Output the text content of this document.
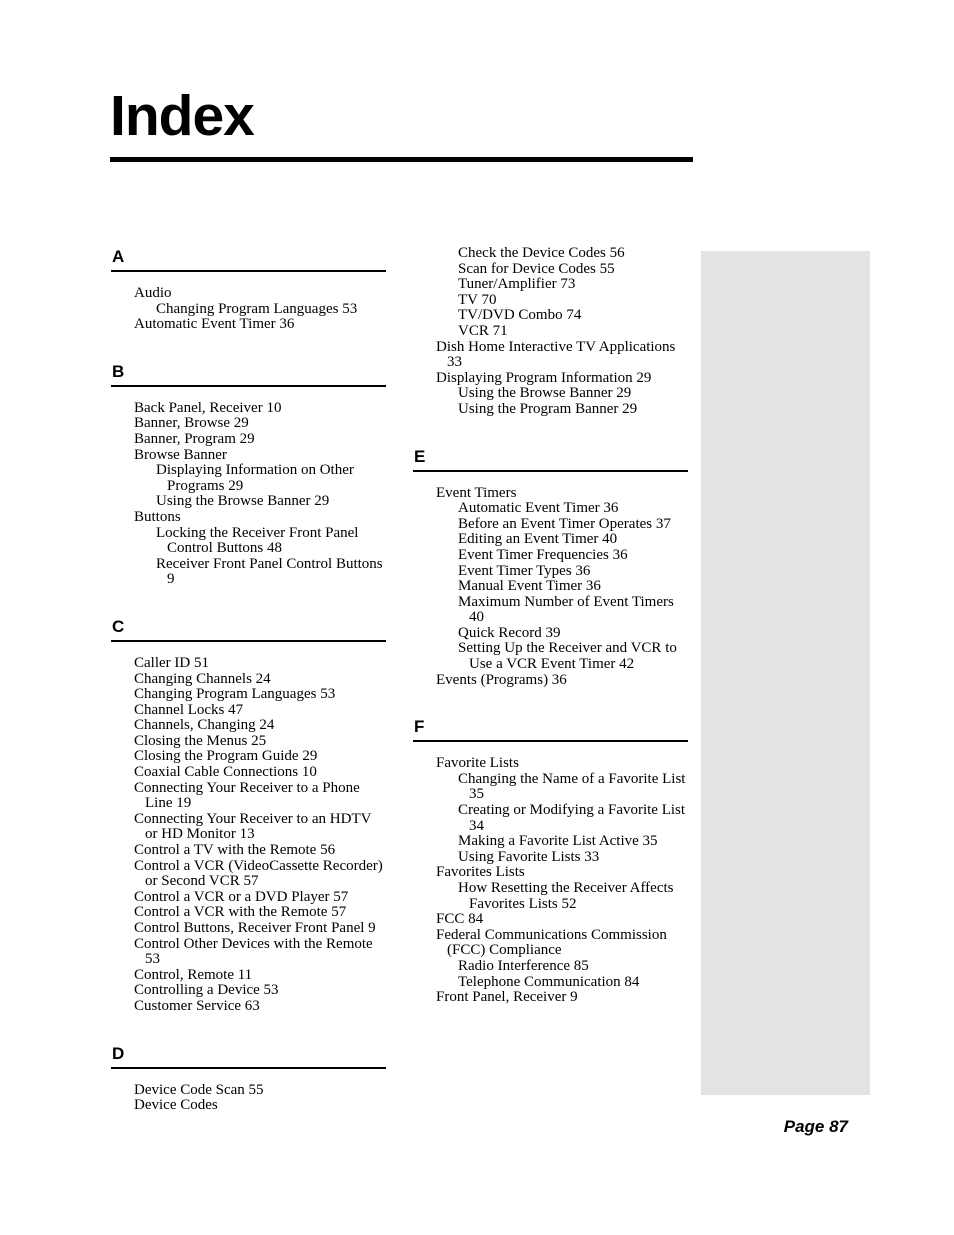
Index
A
Audio
Changing Program Languages 53
Automatic Event Timer 36
B
Back Panel, Receiver 10
Banner, Browse 29
Banner, Program 29
Browse Banner
Displaying Information on Other Programs 29
Using the Browse Banner 29
Buttons
Locking the Receiver Front Panel Control Buttons 48
Receiver Front Panel Control Buttons 9
C
Caller ID 51
Changing Channels 24
Changing Program Languages 53
Channel Locks 47
Channels, Changing 24
Closing the Menus 25
Closing the Program Guide 29
Coaxial Cable Connections 10
Connecting Your Receiver to a Phone Line 19
Connecting Your Receiver to an HDTV or HD Monitor 13
Control a TV with the Remote 56
Control a VCR (VideoCassette Recorder) or Second VCR 57
Control a VCR or a DVD Player 57
Control a VCR with the Remote 57
Control Buttons, Receiver Front Panel 9
Control Other Devices with the Remote 53
Control, Remote 11
Controlling a Device 53
Customer Service 63
D
Device Code Scan 55
Device Codes
Check the Device Codes 56
Scan for Device Codes 55
Tuner/Amplifier 73
TV 70
TV/DVD Combo 74
VCR 71
Dish Home Interactive TV Applications 33
Displaying Program Information 29
Using the Browse Banner 29
Using the Program Banner 29
E
Event Timers
Automatic Event Timer 36
Before an Event Timer Operates 37
Editing an Event Timer 40
Event Timer Frequencies 36
Event Timer Types 36
Manual Event Timer 36
Maximum Number of Event Timers 40
Quick Record 39
Setting Up the Receiver and VCR to Use a VCR Event Timer 42
Events (Programs) 36
F
Favorite Lists
Changing the Name of a Favorite List 35
Creating or Modifying a Favorite List 34
Making a Favorite List Active 35
Using Favorite Lists 33
Favorites Lists
How Resetting the Receiver Affects Favorites Lists 52
FCC 84
Federal Communications Commission (FCC) Compliance
Radio Interference 85
Telephone Communication 84
Front Panel, Receiver 9
Page 87
